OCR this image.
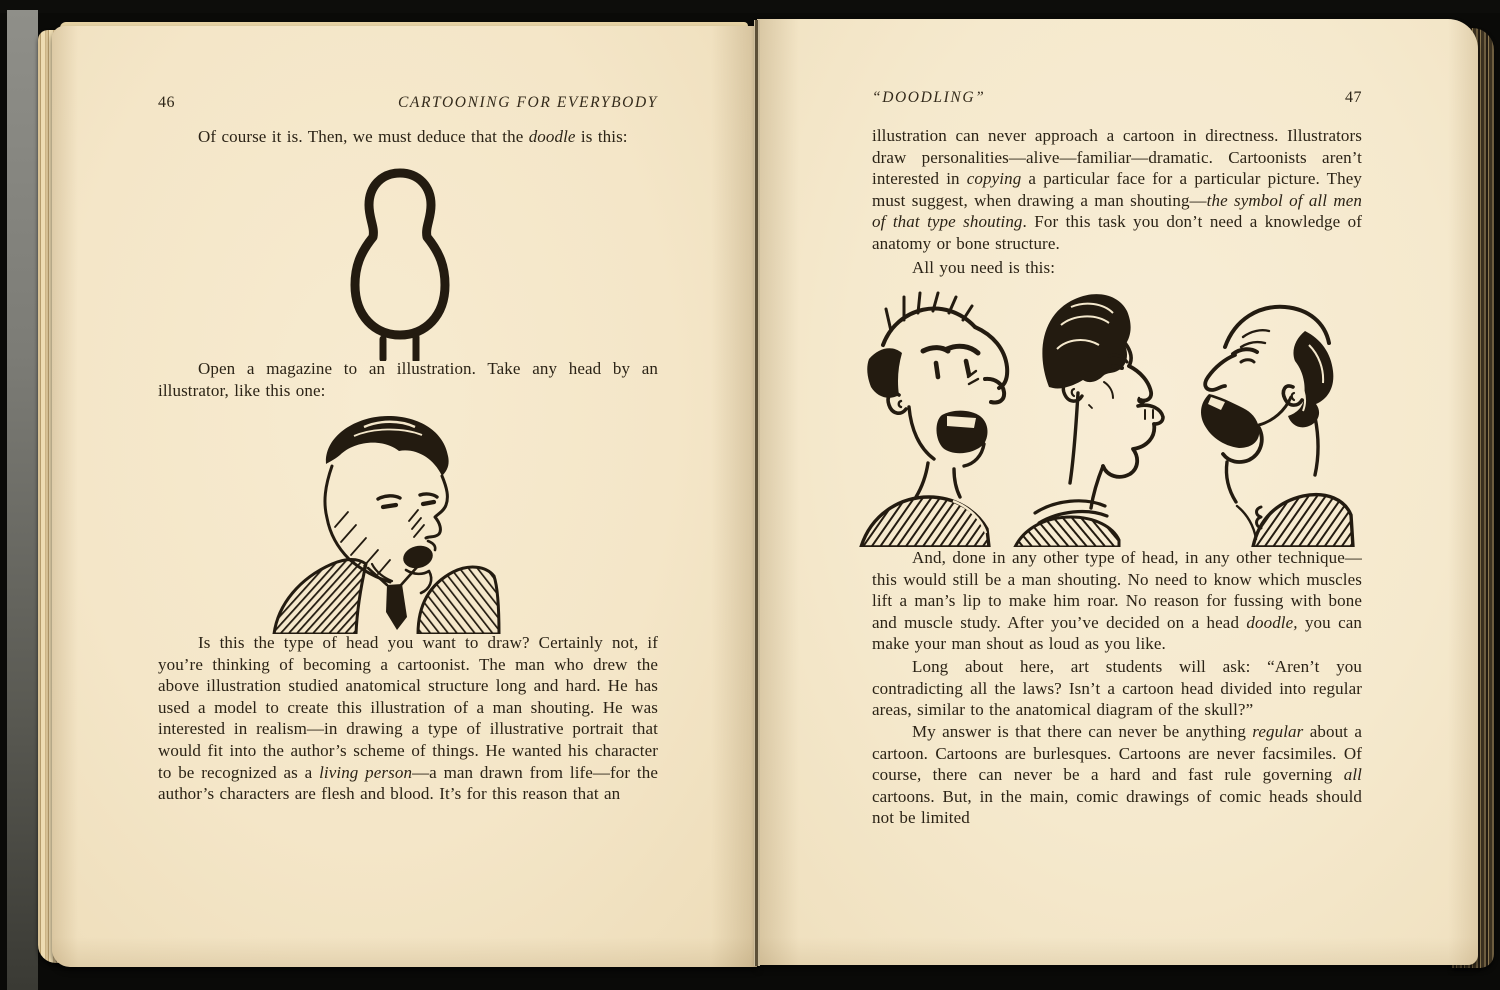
46	CARTOONING FOR EVERYBODY
Of course it is. Then, we must deduce that the doodle is this:
Open a magazine to an illustration. Take any head by an illustrator, like this one:
Is this the type of head you want to draw? Certainly not, if you’re thinking of becoming a cartoonist. The man who drew the above illustration studied anatomical structure long and hard. He has used a model to create this illustration of a man shouting. He was interested in realism—in drawing a type of illustrative portrait that would fit into the author’s scheme of things. He wanted his character to be recognized as a living person—a man drawn from life—for the author’s characters are flesh and blood. It’s for this reason that an
“DOODLING”	47
illustration can never approach a cartoon in directness. Illustrators draw personalities—alive—familiar—dramatic. Cartoonists aren’t interested in copying a particular face for a particular picture. They must suggest, when drawing a man shouting—the symbol of all men of that type shouting. For this task you don’t need a knowledge of anatomy or bone structure.
All you need is this:
And, done in any other type of head, in any other technique—this would still be a man shouting. No need to know which muscles lift a man’s lip to make him roar. No reason for fussing with bone and muscle study. After you’ve decided on a head doodle, you can make your man shout as loud as you like.
Long about here, art students will ask: “Aren’t you contradicting all the laws? Isn’t a cartoon head divided into regular areas, similar to the anatomical diagram of the skull?”
My answer is that there can never be anything regular about a cartoon. Cartoons are burlesques. Cartoons are never facsimiles. Of course, there can never be a hard and fast rule governing all cartoons. But, in the main, comic drawings of comic heads should not be limited
